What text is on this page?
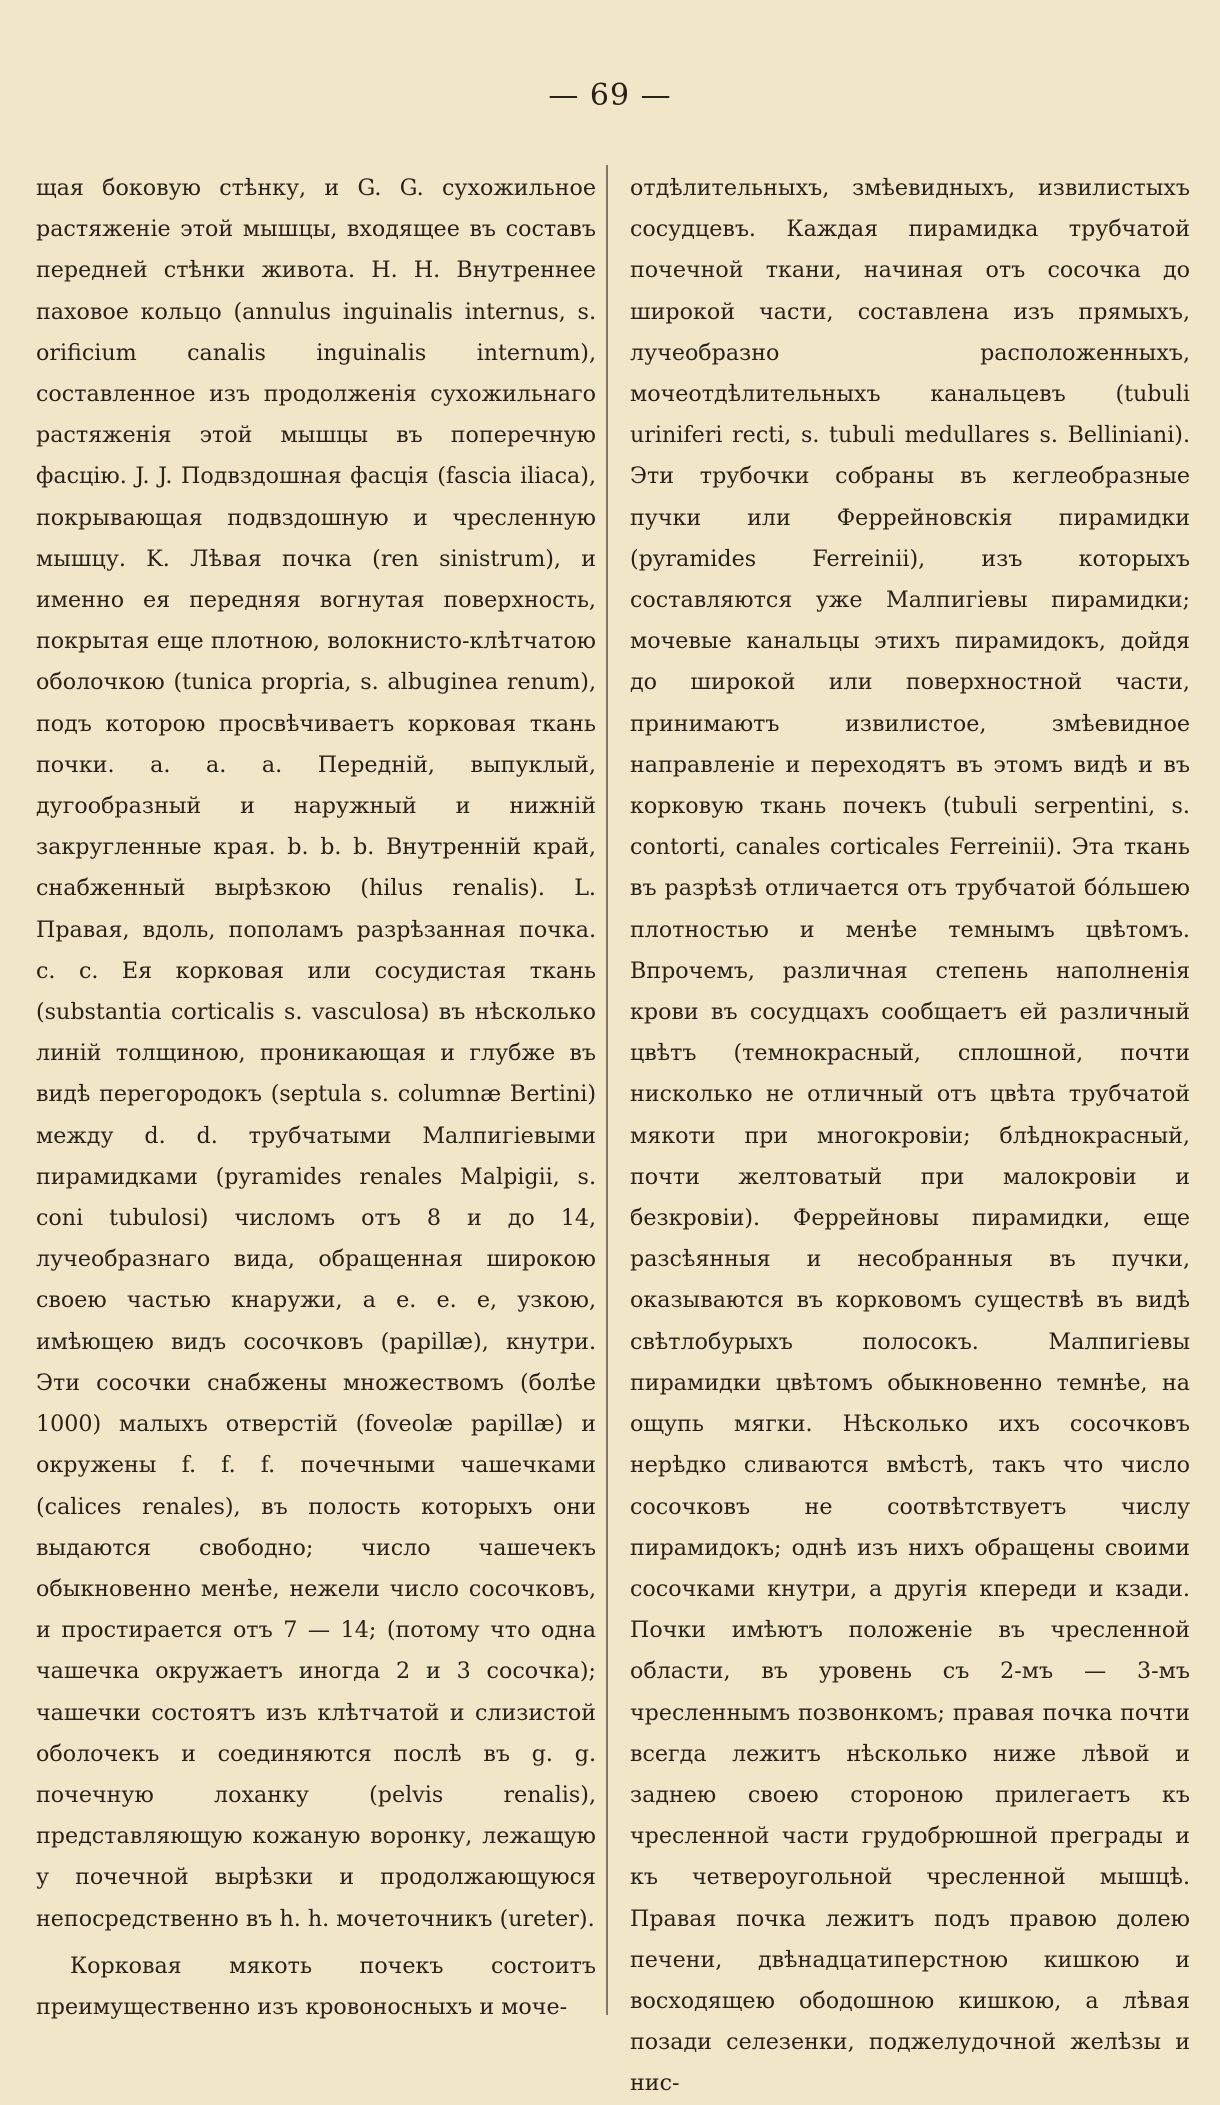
— 69 —

щая боковую стѣнку, и G. G. сухожильное растяженіе этой мышцы, входящее въ составъ передней стѣнки живота. H. H. Внутреннее паховое кольцо (annulus inguinalis internus, s. orificium canalis inguinalis internum), составленное изъ продолженія сухожильнаго растяженія этой мышцы въ поперечную фасцію. J. J. Подвздошная фасція (fascia iliaca), покрывающая подвздошную и чресленную мышцу. K. Лѣвая почка (ren sinistrum), и именно ея передняя вогнутая поверхность, покрытая еще плотною, волокнисто-клѣтчатою оболочкою (tunica propria, s. albuginea renum), подъ которою просвѣчиваетъ корковая ткань почки. a. a. a. Передній, выпуклый, дугообразный и наружный и нижній закругленные края. b. b. b. Внутренній край, снабженный вырѣзкою (hilus renalis). L. Правая, вдоль, пополамъ разрѣзанная почка. c. c. Ея корковая или сосудистая ткань (substantia corticalis s. vasculosa) въ нѣсколько линій толщиною, проникающая и глубже въ видѣ перегородокъ (septula s. columnæ Bertini) между d. d. трубчатыми Малпигіевыми пирамидками (pyramides renales Malpigii, s. coni tubulosi) числомъ отъ 8 и до 14, лучеобразнаго вида, обращенная широкою своею частью кнаружи, а e. e. e, узкою, имѣющею видъ сосочковъ (papillæ), кнутри. Эти сосочки снабжены множествомъ (болѣе 1000) малыхъ отверстій (foveolæ papillæ) и окружены f. f. f. почечными чашечками (calices renales), въ полость которыхъ они выдаются свободно; число чашечекъ обыкновенно менѣе, нежели число сосочковъ, и простирается отъ 7 — 14; (потому что одна чашечка окружаетъ иногда 2 и 3 сосочка); чашечки состоятъ изъ клѣтчатой и слизистой оболочекъ и соединяются послѣ въ g. g. почечную лоханку (pelvis renalis), представляющую кожаную воронку, лежащую у почечной вырѣзки и продолжающуюся непосредственно въ h. h. мочеточникъ (ureter).

Корковая мякоть почекъ состоитъ преимущественно изъ кровоносныхъ и моче-

отдѣлительныхъ, змѣевидныхъ, извилистыхъ сосудцевъ. Каждая пирамидка трубчатой почечной ткани, начиная отъ сосочка до широкой части, составлена изъ прямыхъ, лучеобразно расположенныхъ, мочеотдѣлительныхъ канальцевъ (tubuli uriniferi recti, s. tubuli medullares s. Belliniani). Эти трубочки собраны въ кеглеобразные пучки или Феррейновскія пирамидки (pyramides Ferreinii), изъ которыхъ составляются уже Малпигіевы пирамидки; мочевые канальцы этихъ пирамидокъ, дойдя до широкой или поверхностной части, принимаютъ извилистое, змѣевидное направленіе и переходятъ въ этомъ видѣ и въ корковую ткань почекъ (tubuli serpentini, s. contorti, canales corticales Ferreinii). Эта ткань въ разрѣзѣ отличается отъ трубчатой бóльшею плотностью и менѣе темнымъ цвѣтомъ. Впрочемъ, различная степень наполненія крови въ сосудцахъ сообщаетъ ей различный цвѣтъ (темнокрасный, сплошной, почти нисколько не отличный отъ цвѣта трубчатой мякоти при многокровіи; блѣднокрасный, почти желтоватый при малокровіи и безкровіи). Феррейновы пирамидки, еще разсѣянныя и несобранныя въ пучки, оказываются въ корковомъ существѣ въ видѣ свѣтлобурыхъ полосокъ. Малпигіевы пирамидки цвѣтомъ обыкновенно темнѣе, на ощупь мягки. Нѣсколько ихъ сосочковъ нерѣдко сливаются вмѣстѣ, такъ что число сосочковъ не соотвѣтствуетъ числу пирамидокъ; однѣ изъ нихъ обращены своими сосочками кнутри, а другія кпереди и кзади. Почки имѣютъ положеніе въ чресленной области, въ уровень съ 2-мъ — 3-мъ чресленнымъ позвонкомъ; правая почка почти всегда лежитъ нѣсколько ниже лѣвой и заднею своею стороною прилегаетъ къ чресленной части грудобрюшной преграды и къ четвероугольной чресленной мышцѣ. Правая почка лежитъ подъ правою долею печени, двѣнадцатиперстною кишкою и восходящею ободошною кишкою, а лѣвая позади селезенки, поджелудочной желѣзы и нис-
